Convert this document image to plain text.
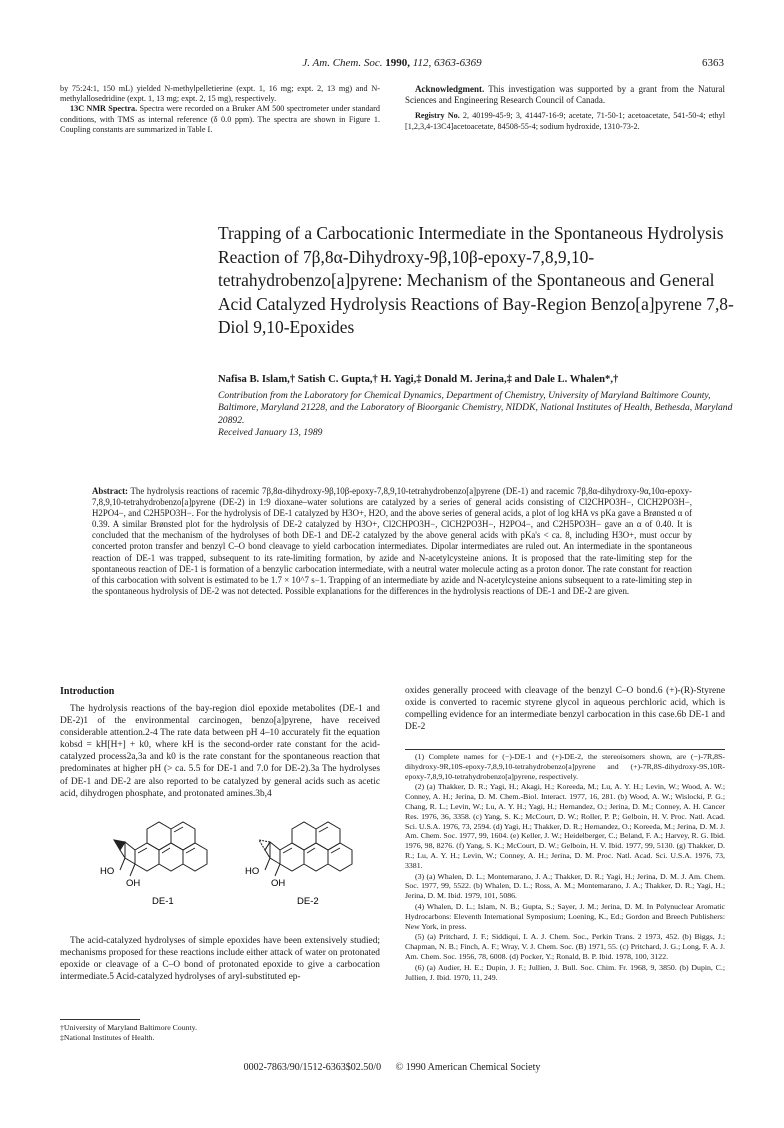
J. Am. Chem. Soc. 1990, 112, 6363-6369	6363

by 75:24:1, 150 mL) yielded N-methylpelletierine (expt. 1, 16 mg; expt. 2, 13 mg) and N-methylallosedridine (expt. 1, 13 mg; expt. 2, 15 mg), respectively.

13C NMR Spectra. Spectra were recorded on a Bruker AM 500 spectrometer under standard conditions, with TMS as internal reference (δ 0.0 ppm). The spectra are shown in Figure 1. Coupling constants are summarized in Table I.

Acknowledgment. This investigation was supported by a grant from the Natural Sciences and Engineering Research Council of Canada.

Registry No. 2, 40199-45-9; 3, 41447-16-9; acetate, 71-50-1; acetoacetate, 541-50-4; ethyl [1,2,3,4-13C4]acetoacetate, 84508-55-4; sodium hydroxide, 1310-73-2.

Trapping of a Carbocationic Intermediate in the Spontaneous Hydrolysis Reaction of 7β,8α-Dihydroxy-9β,10β-epoxy-7,8,9,10-tetrahydrobenzo[a]pyrene: Mechanism of the Spontaneous and General Acid Catalyzed Hydrolysis Reactions of Bay-Region Benzo[a]pyrene 7,8-Diol 9,10-Epoxides
Nafisa B. Islam,† Satish C. Gupta,† H. Yagi,‡ Donald M. Jerina,‡ and Dale L. Whalen*,†
Contribution from the Laboratory for Chemical Dynamics, Department of Chemistry, University of Maryland Baltimore County, Baltimore, Maryland 21228, and the Laboratory of Bioorganic Chemistry, NIDDK, National Institutes of Health, Bethesda, Maryland 20892.
Received January 13, 1989
Abstract: The hydrolysis reactions of racemic 7β,8α-dihydroxy-9β,10β-epoxy-7,8,9,10-tetrahydrobenzo[a]pyrene (DE-1) and racemic 7β,8α-dihydroxy-9α,10α-epoxy-7,8,9,10-tetrahydrobenzo[a]pyrene (DE-2) in 1:9 dioxane–water solutions are catalyzed by a series of general acids consisting of Cl2CHPO3H−, ClCH2PO3H−, H2PO4−, and C2H5PO3H−. For the hydrolysis of DE-1 catalyzed by H3O+, H2O, and the above series of general acids, a plot of log kHA vs pKa gave a Brønsted α of 0.39. A similar Brønsted plot for the hydrolysis of DE-2 catalyzed by H3O+, Cl2CHPO3H−, ClCH2PO3H−, H2PO4−, and C2H5PO3H− gave an α of 0.40. It is concluded that the mechanism of the hydrolyses of both DE-1 and DE-2 catalyzed by the above general acids with pKa's < ca. 8, including H3O+, must occur by concerted proton transfer and benzyl C–O bond cleavage to yield carbocation intermediates. Dipolar intermediates are ruled out. An intermediate in the spontaneous reaction of DE-1 was trapped, subsequent to its rate-limiting formation, by azide and N-acetylcysteine anions. It is proposed that the rate-limiting step for the spontaneous reaction of DE-1 is formation of a benzylic carbocation intermediate, with a neutral water molecule acting as a proton donor. The rate constant for reaction of this carbocation with solvent is estimated to be 1.7 × 10^7 s−1. Trapping of an intermediate by azide and N-acetylcysteine anions subsequent to a rate-limiting step in the spontaneous hydrolysis of DE-2 was not detected. Possible explanations for the differences in the hydrolysis reactions of DE-1 and DE-2 are given.
Introduction

The hydrolysis reactions of the bay-region diol epoxide metabolites (DE-1 and DE-2)1 of the environmental carcinogen, benzo[a]pyrene, have received considerable attention.2-4 The rate data between pH 4–10 accurately fit the equation kobsd = kH[H+] + k0, where kH is the second-order rate constant for the acid-catalyzed process2a,3a and k0 is the rate constant for the spontaneous reaction that predominates at higher pH (> ca. 5.5 for DE-1 and 7.0 for DE-2).3a The hydrolyses of DE-1 and DE-2 are also reported to be catalyzed by general acids such as acetic acid, dihydrogen phosphate, and protonated amines.3b,4

HO
OH
DE-1
HO
OH
DE-2

The acid-catalyzed hydrolyses of simple epoxides have been extensively studied; mechanisms proposed for these reactions include either attack of water on protonated epoxide or cleavage of a C–O bond of protonated epoxide to give a carbocation intermediate.5 Acid-catalyzed hydrolyses of aryl-substituted ep-

†University of Maryland Baltimore County.
‡National Institutes of Health.

oxides generally proceed with cleavage of the benzyl C–O bond.6 (+)-(R)-Styrene oxide is converted to racemic styrene glycol in aqueous perchloric acid, which is compelling evidence for an intermediate benzyl carbocation in this case.6b DE-1 and DE-2

(1) Complete names for (−)-DE-1 and (+)-DE-2, the stereoisomers shown, are (−)-7R,8S-dihydroxy-9R,10S-epoxy-7,8,9,10-tetrahydrobenzo[a]pyrene and (+)-7R,8S-dihydroxy-9S,10R-epoxy-7,8,9,10-tetrahydrobenzo[a]pyrene, respectively.

(2) (a) Thakker, D. R.; Yagi, H.; Akagi, H.; Koreeda, M.; Lu, A. Y. H.; Levin, W.; Wood, A. W.; Conney, A. H.; Jerina, D. M. Chem.-Biol. Interact. 1977, 16, 281. (b) Wood, A. W.; Wislocki, P. G.; Chang, R. L.; Levin, W.; Lu, A. Y. H.; Yagi, H.; Hernandez, O.; Jerina, D. M.; Conney, A. H. Cancer Res. 1976, 36, 3358. (c) Yang, S. K.; McCourt, D. W.; Roller, P. P.; Gelboin, H. V. Proc. Natl. Acad. Sci. U.S.A. 1976, 73, 2594. (d) Yagi, H.; Thakker, D. R.; Hernandez, O.; Koreeda, M.; Jerina, D. M. J. Am. Chem. Soc. 1977, 99, 1604. (e) Keller, J. W.; Heidelberger, C.; Beland, F. A.; Harvey, R. G. Ibid. 1976, 98, 8276. (f) Yang, S. K.; McCourt, D. W.; Gelboin, H. V. Ibid. 1977, 99, 5130. (g) Thakker, D. R.; Lu, A. Y. H.; Levin, W.; Conney, A. H.; Jerina, D. M. Proc. Natl. Acad. Sci. U.S.A. 1976, 73, 3381.

(3) (a) Whalen, D. L.; Montemarano, J. A.; Thakker, D. R.; Yagi, H.; Jerina, D. M. J. Am. Chem. Soc. 1977, 99, 5522. (b) Whalen, D. L.; Ross, A. M.; Montemarano, J. A.; Thakker, D. R.; Yagi, H.; Jerina, D. M. Ibid. 1979, 101, 5086.

(4) Whalen, D. L.; Islam, N. B.; Gupta, S.; Sayer, J. M.; Jerina, D. M. In Polynuclear Aromatic Hydrocarbons: Eleventh International Symposium; Loening, K., Ed.; Gordon and Breech Publishers: New York, in press.

(5) (a) Pritchard, J. F.; Siddiqui, I. A. J. Chem. Soc., Perkin Trans. 2 1973, 452. (b) Biggs, J.; Chapman, N. B.; Finch, A. F.; Wray, V. J. Chem. Soc. (B) 1971, 55. (c) Pritchard, J. G.; Long, F. A. J. Am. Chem. Soc. 1956, 78, 6008. (d) Pocker, Y.; Ronald, B. P. Ibid. 1978, 100, 3122.

(6) (a) Audier, H. E.; Dupin, J. F.; Jullien, J. Bull. Soc. Chim. Fr. 1968, 9, 3850. (b) Dupin, C.; Jullien, J. Ibid. 1970, 11, 249.

0002-7863/90/1512-6363$02.50/0 © 1990 American Chemical Society
